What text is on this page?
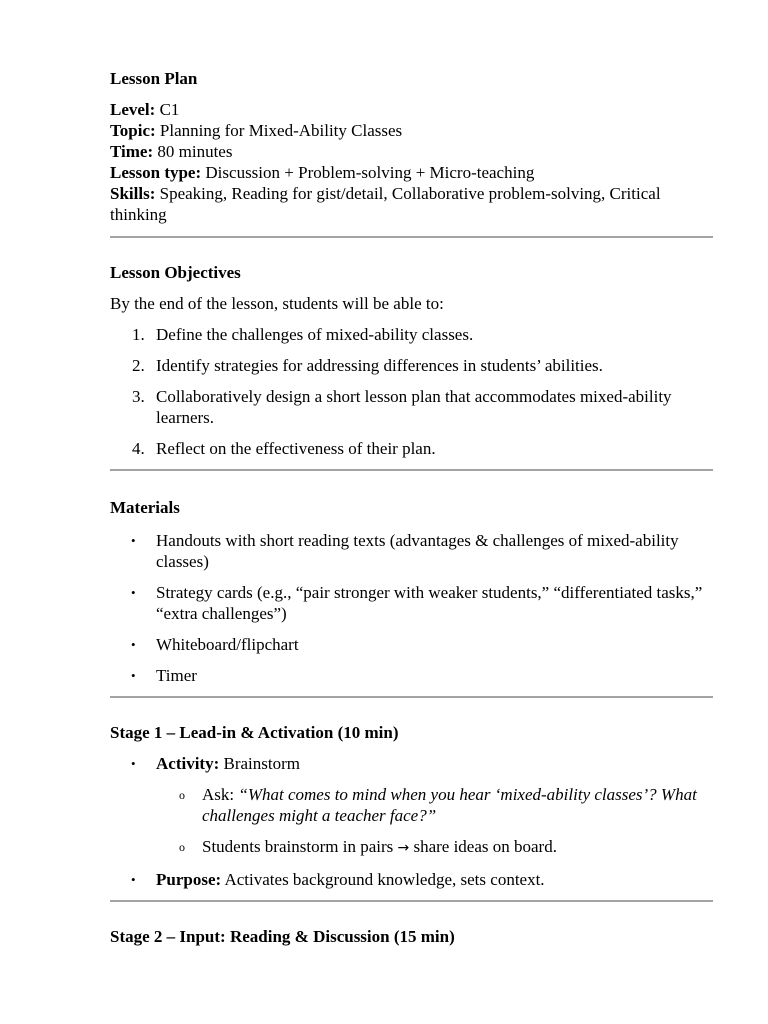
Lesson Plan
Level: C1
Topic: Planning for Mixed-Ability Classes
Time: 80 minutes
Lesson type: Discussion + Problem-solving + Micro-teaching
Skills: Speaking, Reading for gist/detail, Collaborative problem-solving, Critical thinking
Lesson Objectives
By the end of the lesson, students will be able to:
1. Define the challenges of mixed-ability classes.
2. Identify strategies for addressing differences in students’ abilities.
3. Collaboratively design a short lesson plan that accommodates mixed-ability learners.
4. Reflect on the effectiveness of their plan.
Materials
• Handouts with short reading texts (advantages & challenges of mixed-ability classes)
• Strategy cards (e.g., “pair stronger with weaker students,” “differentiated tasks,” “extra challenges”)
• Whiteboard/flipchart
• Timer
Stage 1 – Lead-in & Activation (10 min)
• Activity: Brainstorm
o Ask: “What comes to mind when you hear ‘mixed-ability classes’? What challenges might a teacher face?”
o Students brainstorm in pairs → share ideas on board.
• Purpose: Activates background knowledge, sets context.
Stage 2 – Input: Reading & Discussion (15 min)
